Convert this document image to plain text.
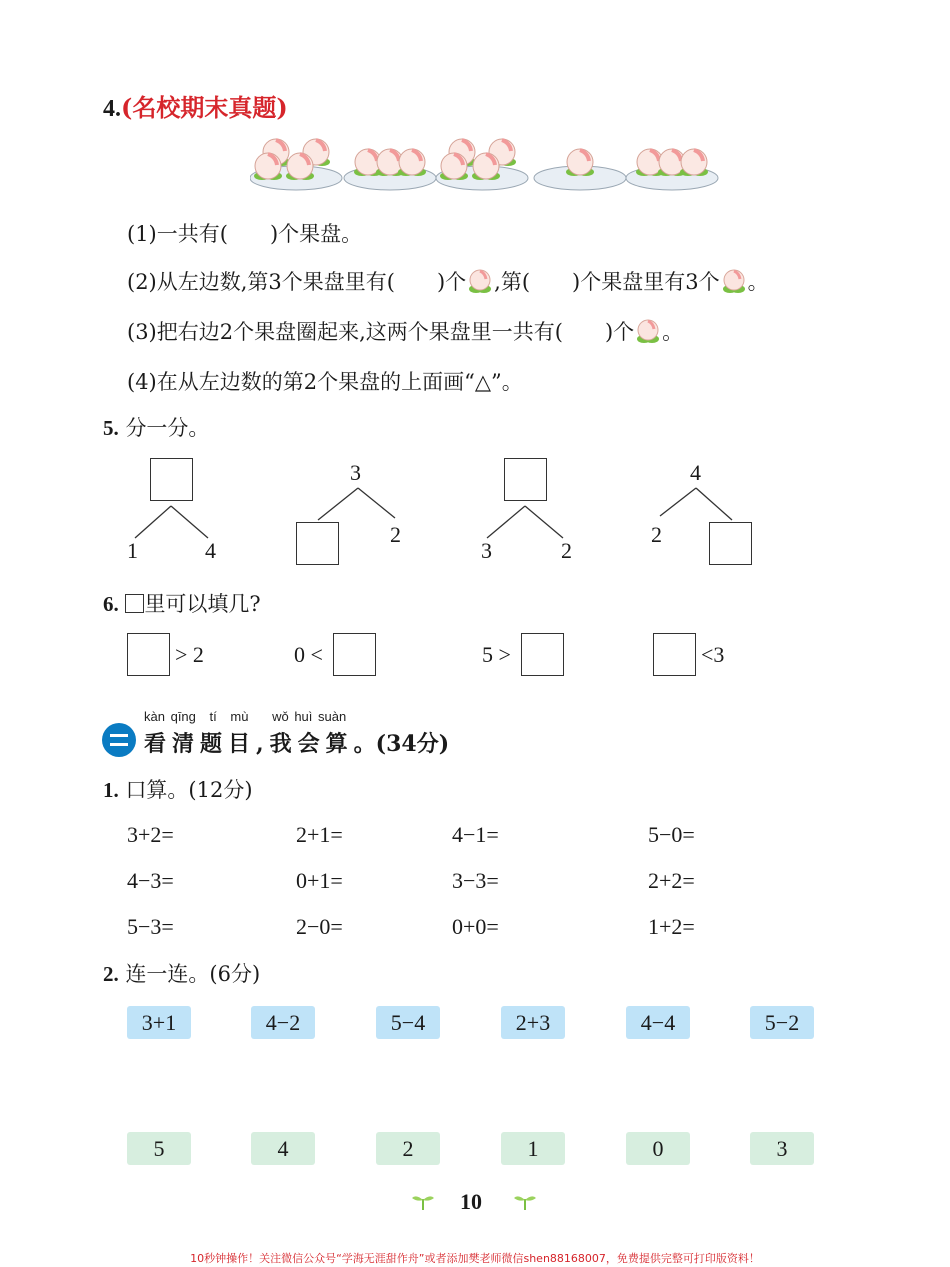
4.(名校期末真题)
(1)一共有(　　)个果盘。
(2)从左边数,第3个果盘里有(　　)个 ,第(　　)个果盘里有3个 。
(3)把右边2个果盘圈起来,这两个果盘里一共有(　　)个 。
(4)在从左边数的第2个果盘的上面画“△”。
5. 分一分。
1	4
3
2
3	2
4
2
6. 里可以填几?
> 2	0 <	5 >	<3
kàn qīng tí mù wǒ huì suàn
看清题目,我会算。(34分)
1. 口算。(12分)
3+2=	2+1=	4−1=	5−0=
4−3=	0+1=	3−3=	2+2=
5−3=	2−0=	0+0=	1+2=
2. 连一连。(6分)
3+1	4−2	5−4	2+3	4−4	5−2
5	4	2	1	0	3
10
10秒钟操作！关注微信公众号“学海无涯甜作舟”或者添加樊老师微信shen88168007，免费提供完整可打印版资料！
